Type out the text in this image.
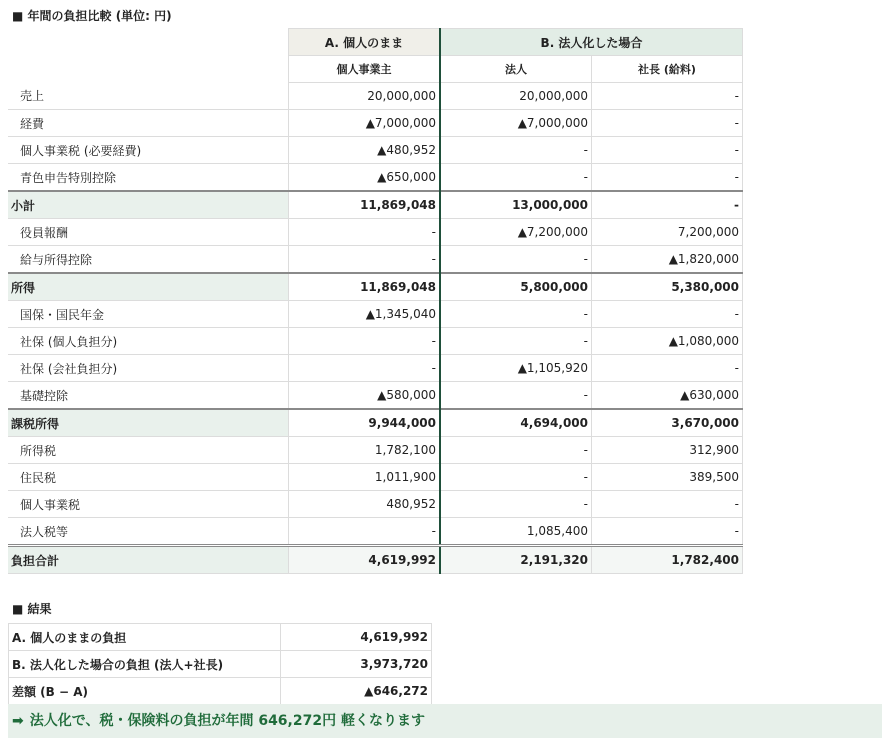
■ 年間の負担比較 (単位: 円)
	A. 個人のまま	B. 法人化した場合	
	個人事業主	法人	社長 (給料)
売上	20,000,000	20,000,000	-
経費	▲7,000,000	▲7,000,000	-
個人事業税 (必要経費)	▲480,952	-	-
青色申告特別控除	▲650,000	-	-
小計	11,869,048	13,000,000	-
役員報酬	-	▲7,200,000	7,200,000
給与所得控除	-	-	▲1,820,000
所得	11,869,048	5,800,000	5,380,000
国保・国民年金	▲1,345,040	-	-
社保 (個人負担分)	-	-	▲1,080,000
社保 (会社負担分)	-	▲1,105,920	-
基礎控除	▲580,000	-	▲630,000
課税所得	9,944,000	4,694,000	3,670,000
所得税	1,782,100	-	312,900
住民税	1,011,900	-	389,500
個人事業税	480,952	-	-
法人税等	-	1,085,400	-
負担合計	4,619,992	2,191,320	1,782,400
■ 結果
A. 個人のままの負担	4,619,992
B. 法人化した場合の負担 (法人+社長)	3,973,720
差額 (B − A)	▲646,272
➡ 法人化で、税・保険料の負担が年間 646,272円 軽くなります
